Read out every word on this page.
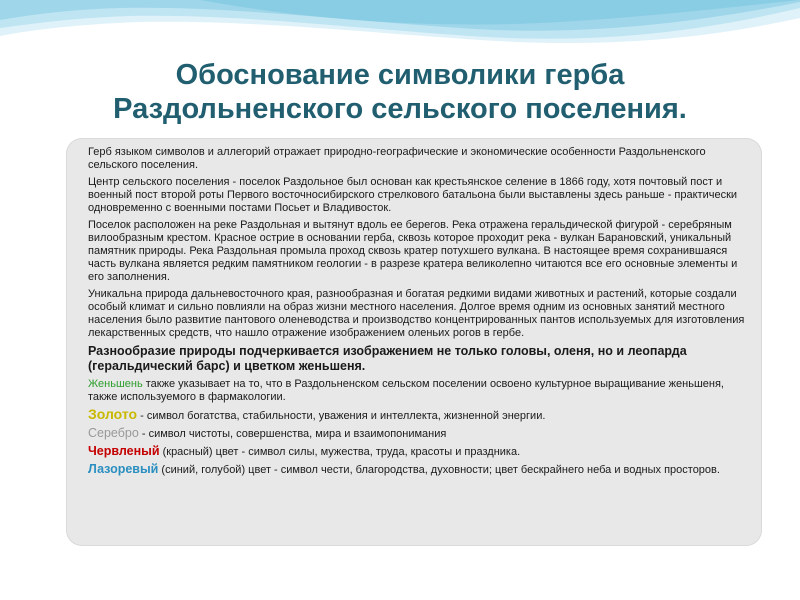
Обоснование символики герба
Раздольненского сельского поселения.

Герб языком символов и аллегорий отражает природно-географические и экономические особенности Раздольненского сельского поселения.

Центр сельского поселения - поселок Раздольное был основан как крестьянское селение в 1866 году, хотя почтовый пост и военный пост второй роты Первого восточносибирского стрелкового батальона были выставлены здесь раньше - практически одновременно с военными постами Посьет и Владивосток.

Поселок расположен на реке Раздольная и вытянут вдоль ее берегов. Река отражена геральдической фигурой - серебряным вилообразным крестом. Красное острие в основании герба, сквозь которое проходит река - вулкан Барановский, уникальный памятник природы. Река Раздольная промыла проход сквозь кратер потухшего вулкана. В настоящее время сохранившаяся часть вулкана является редким памятником геологии - в разрезе кратера великолепно читаются все его основные элементы и его заполнения.

Уникальна природа дальневосточного края, разнообразная и богатая редкими видами животных и растений, которые создали особый климат и сильно повлияли на образ жизни местного населения. Долгое время одним из основных занятий местного населения было развитие пантового оленеводства и производство концентрированных пантов используемых для изготовления лекарственных средств, что нашло отражение изображением оленьих рогов в гербе.

Разнообразие природы подчеркивается изображением не только головы, оленя, но и леопарда (геральдический барс) и цветком женьшеня.

Женьшень также указывает на то, что в Раздольненском сельском поселении освоено культурное выращивание женьшеня, также используемого в фармакологии.

Золото - символ богатства, стабильности, уважения и интеллекта, жизненной энергии.

Серебро - символ чистоты, совершенства, мира и взаимопонимания

Червленый (красный) цвет - символ силы, мужества, труда, красоты и праздника.

Лазоревый (синий, голубой) цвет - символ чести, благородства, духовности; цвет бескрайнего неба и водных просторов.
